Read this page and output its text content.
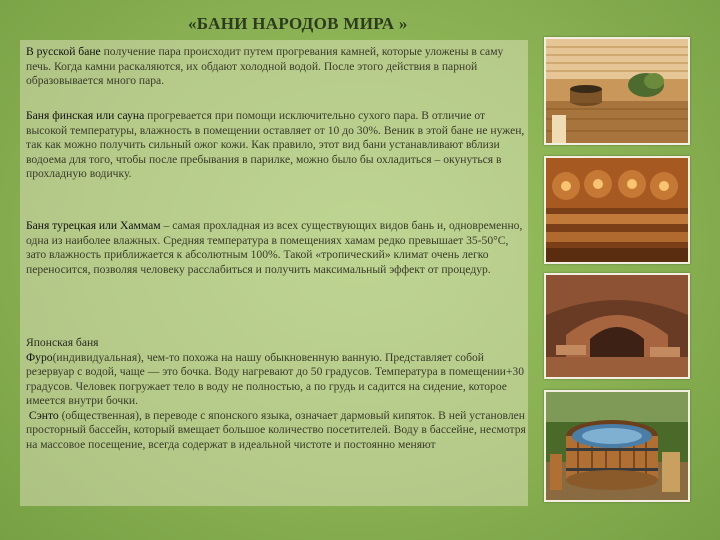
«БАНИ НАРОДОВ МИРА »

В русской бане получение пара происходит путем прогревания камней, которые уложены в саму печь. Когда камни раскаляются, их обдают холодной водой. После этого действия в парной образовывается много пара.

Баня финская или сауна прогревается при помощи исключительно сухого пара. В отличие от высокой температуры, влажность в помещении оставляет от 10 до 30%. Веник в этой бане не нужен, так как можно получить сильный ожог кожи. Как правило, этот вид бани устанавливают вблизи водоема для того, чтобы после пребывания в парилке, можно было бы охладиться – окунуться в прохладную водичку.

Баня турецкая или Хаммам – самая прохладная из всех существующих видов бань и, одновременно, одна из наиболее влажных. Средняя температура в помещениях хамам редко превышает 35-50°С, зато влажность приближается к абсолютным 100%. Такой «тропический» климат очень легко переносится, позволяя человеку расслабиться и получить максимальный эффект от процедур.

Японская баня

Фуро(индивидуальная), чем-то похожа на нашу обыкновенную ванную. Представляет собой резервуар с водой, чаще — это бочка. Воду нагревают до 50 градусов. Температура в помещении+30 градусов. Человек погружает тело в воду не полностью, а по грудь и садится на сидение, которое имеется внутри бочки.

Сэнто (общественная), в переводе с японского языка, означает дармовый кипяток. В ней установлен просторный бассейн, который вмещает большое количество посетителей. Воду в бассейне, несмотря на массовое посещение, всегда содержат в идеальной чистоте и постоянно меняют
